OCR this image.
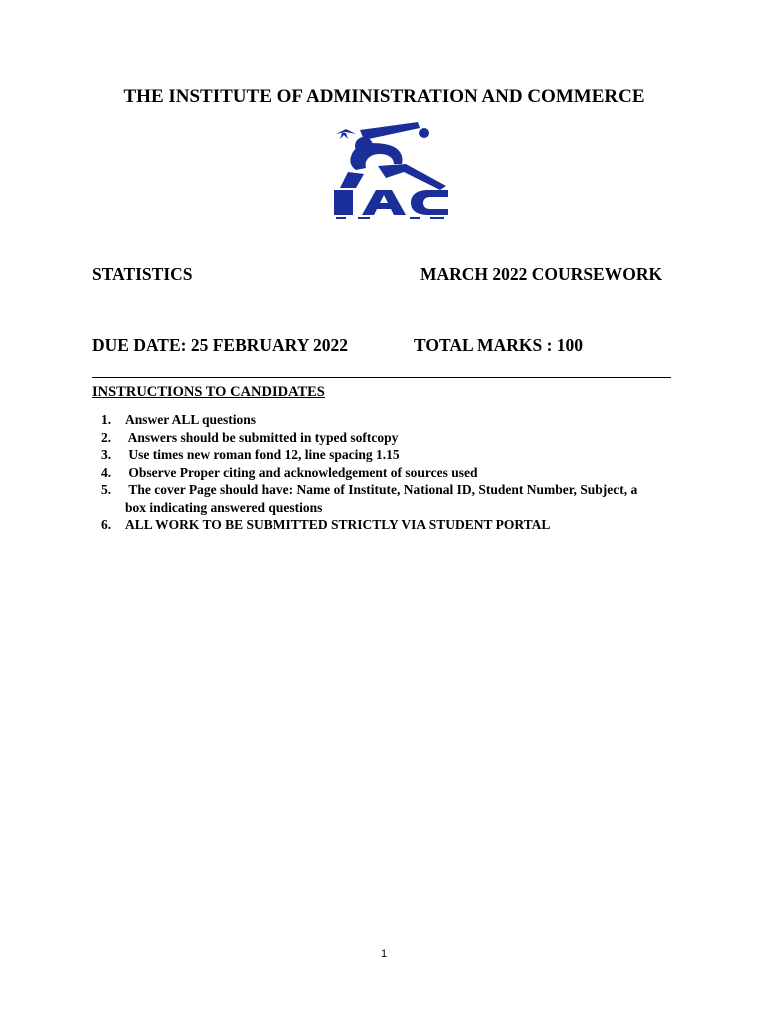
THE INSTITUTE OF ADMINISTRATION AND COMMERCE
STATISTICS	MARCH 2022 COURSEWORK
DUE DATE: 25 FEBRUARY 2022	TOTAL MARKS : 100
INSTRUCTIONS TO CANDIDATES
1. Answer ALL questions
2. Answers should be submitted in typed softcopy
3. Use times new roman fond 12, line spacing 1.15
4. Observe Proper citing and acknowledgement of sources used
5. The cover Page should have: Name of Institute, National ID, Student Number, Subject, a box indicating answered questions
6. ALL WORK TO BE SUBMITTED STRICTLY VIA STUDENT PORTAL
1
